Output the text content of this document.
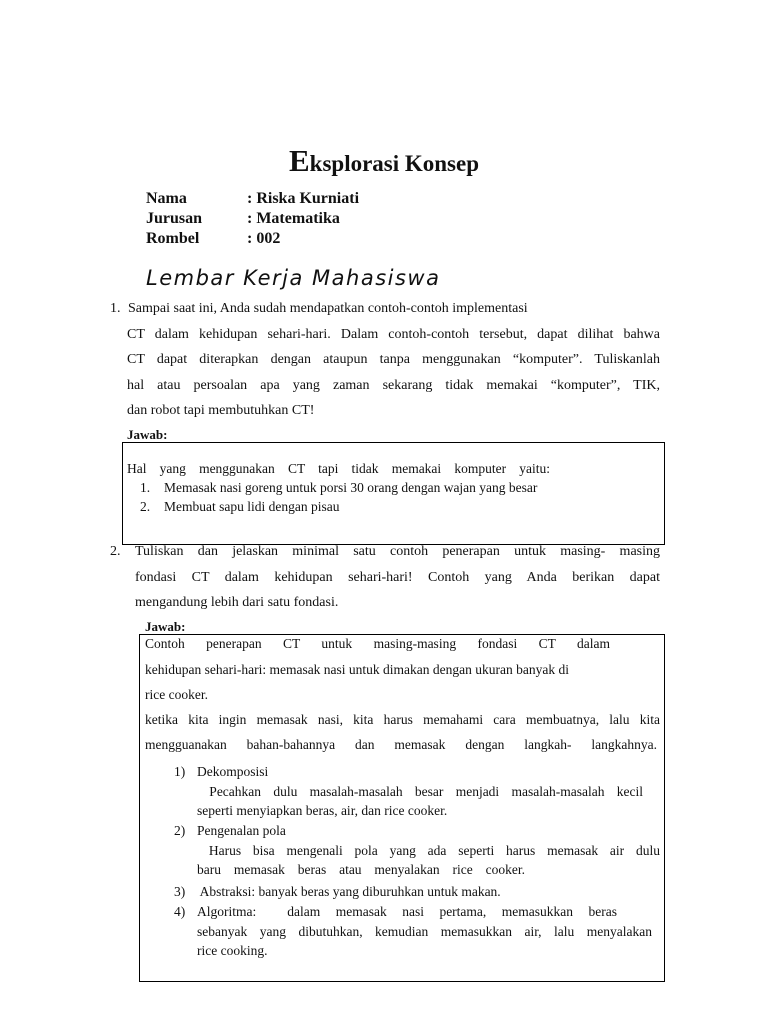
Eksplorasi Konsep
Nama	: Riska Kurniati
Jurusan	: Matematika
Rombel	: 002
Lembar Kerja Mahasiswa
1. Sampai saat ini, Anda sudah mendapatkan contoh-contoh implementasi
CT dalam kehidupan sehari-hari. Dalam contoh-contoh tersebut, dapat dilihat bahwa
CT dapat diterapkan dengan ataupun tanpa menggunakan “komputer”. Tuliskanlah
hal atau persoalan apa yang zaman sekarang tidak memakai “komputer”, TIK,
dan robot tapi membutuhkan CT!
Jawab:
Hal yang menggunakan CT tapi tidak memakai komputer yaitu:
1. Memasak nasi goreng untuk porsi 30 orang dengan wajan yang besar
2. Membuat sapu lidi dengan pisau
2. Tuliskan dan jelaskan minimal satu contoh penerapan untuk masing- masing
fondasi CT dalam kehidupan sehari-hari! Contoh yang Anda berikan dapat
mengandung lebih dari satu fondasi.
Jawab:
Contoh penerapan CT untuk masing-masing fondasi CT dalam
kehidupan sehari-hari: memasak nasi untuk dimakan dengan ukuran banyak di
rice cooker.
ketika kita ingin memasak nasi, kita harus memahami cara membuatnya, lalu kita
mengguanakan bahan-bahannya dan memasak dengan langkah- langkahnya.
1) Dekomposisi
Pecahkan dulu masalah-masalah besar menjadi masalah-masalah kecil
seperti menyiapkan beras, air, dan rice cooker.
2) Pengenalan pola
Harus bisa mengenali pola yang ada seperti harus memasak air dulu
baru memasak beras atau menyalakan rice cooker.
3) Abstraksi: banyak beras yang diburuhkan untuk makan.
4) Algoritma:  dalam memasak nasi pertama, memasukkan beras
sebanyak yang dibutuhkan, kemudian memasukkan air, lalu menyalakan
rice cooking.
